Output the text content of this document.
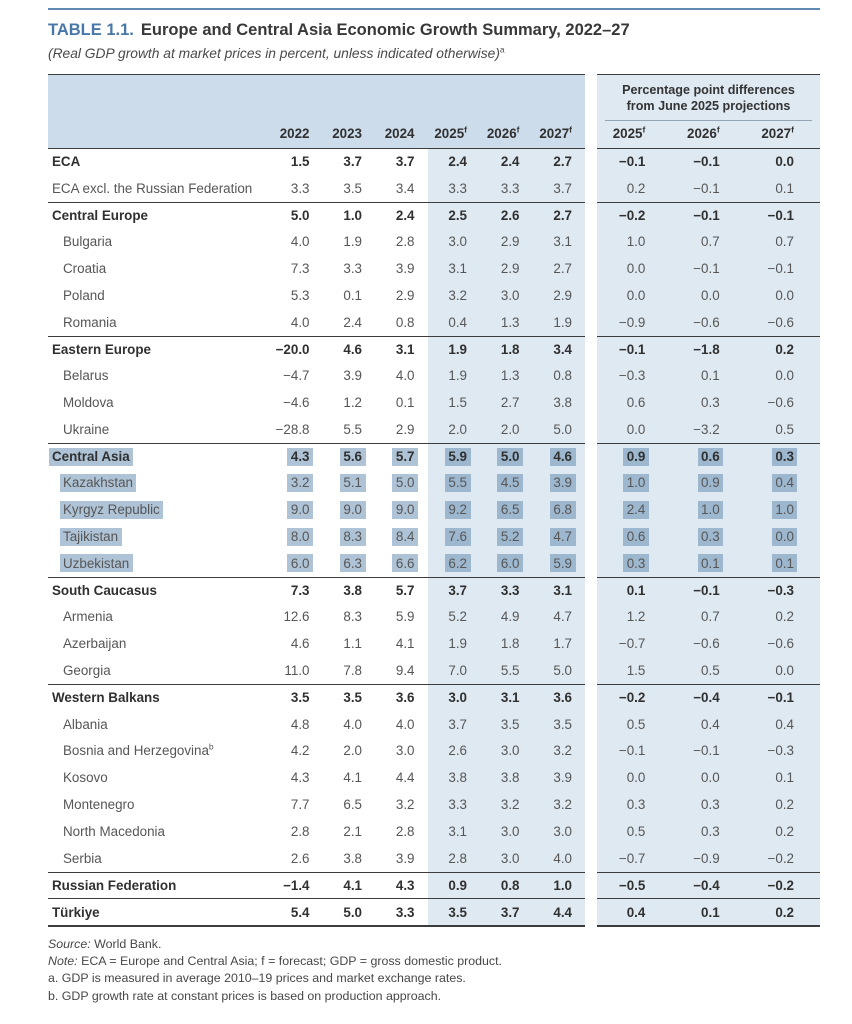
TABLE 1.1. Europe and Central Asia Economic Growth Summary, 2022–27
(Real GDP growth at market prices in percent, unless indicated otherwise)$^a$
2022 2023 2024 2025$^f$ 2026$^f$ 2027$^f$
Percentage point differences
from June 2025 projections
2025$^f$	2026$^f$	2027$^f$
ECA	1.5	3.7	3.7	2.4	2.4	2.7	−0.1	−0.1	0.0
ECA excl. the Russian Federation	3.3	3.5	3.4	3.3	3.3	3.7	0.2	−0.1	0.1
Central Europe	5.0	1.0	2.4	2.5	2.6	2.7	−0.2	−0.1	−0.1
Bulgaria	4.0	1.9	2.8	3.0	2.9	3.1	1.0	0.7	0.7
Croatia	7.3	3.3	3.9	3.1	2.9	2.7	0.0	−0.1	−0.1
Poland	5.3	0.1	2.9	3.2	3.0	2.9	0.0	0.0	0.0
Romania	4.0	2.4	0.8	0.4	1.3	1.9	−0.9	−0.6	−0.6
Eastern Europe	−20.0	4.6	3.1	1.9	1.8	3.4	−0.1	−1.8	0.2
Belarus	−4.7	3.9	4.0	1.9	1.3	0.8	−0.3	0.1	0.0
Moldova	−4.6	1.2	0.1	1.5	2.7	3.8	0.6	0.3	−0.6
Ukraine	−28.8	5.5	2.9	2.0	2.0	5.0	0.0	−3.2	0.5
Central Asia	4.3	5.6	5.7	5.9	5.0	4.6	0.9	0.6	0.3
Kazakhstan	3.2	5.1	5.0	5.5	4.5	3.9	1.0	0.9	0.4
Kyrgyz Republic	9.0	9.0	9.0	9.2	6.5	6.8	2.4	1.0	1.0
Tajikistan	8.0	8.3	8.4	7.6	5.2	4.7	0.6	0.3	0.0
Uzbekistan	6.0	6.3	6.6	6.2	6.0	5.9	0.3	0.1	0.1
South Caucasus	7.3	3.8	5.7	3.7	3.3	3.1	0.1	−0.1	−0.3
Armenia	12.6	8.3	5.9	5.2	4.9	4.7	1.2	0.7	0.2
Azerbaijan	4.6	1.1	4.1	1.9	1.8	1.7	−0.7	−0.6	−0.6
Georgia	11.0	7.8	9.4	7.0	5.5	5.0	1.5	0.5	0.0
Western Balkans	3.5	3.5	3.6	3.0	3.1	3.6	−0.2	−0.4	−0.1
Albania	4.8	4.0	4.0	3.7	3.5	3.5	0.5	0.4	0.4
Bosnia and Herzegovina$^b$	4.2	2.0	3.0	2.6	3.0	3.2	−0.1	−0.1	−0.3
Kosovo	4.3	4.1	4.4	3.8	3.8	3.9	0.0	0.0	0.1
Montenegro	7.7	6.5	3.2	3.3	3.2	3.2	0.3	0.3	0.2
North Macedonia	2.8	2.1	2.8	3.1	3.0	3.0	0.5	0.3	0.2
Serbia	2.6	3.8	3.9	2.8	3.0	4.0	−0.7	−0.9	−0.2
Russian Federation	−1.4	4.1	4.3	0.9	0.8	1.0	−0.5	−0.4	−0.2
Türkiye	5.4	5.0	3.3	3.5	3.7	4.4	0.4	0.1	0.2
Source: World Bank.
Note: ECA = Europe and Central Asia; f = forecast; GDP = gross domestic product.
a. GDP is measured in average 2010–19 prices and market exchange rates.
b. GDP growth rate at constant prices is based on production approach.
